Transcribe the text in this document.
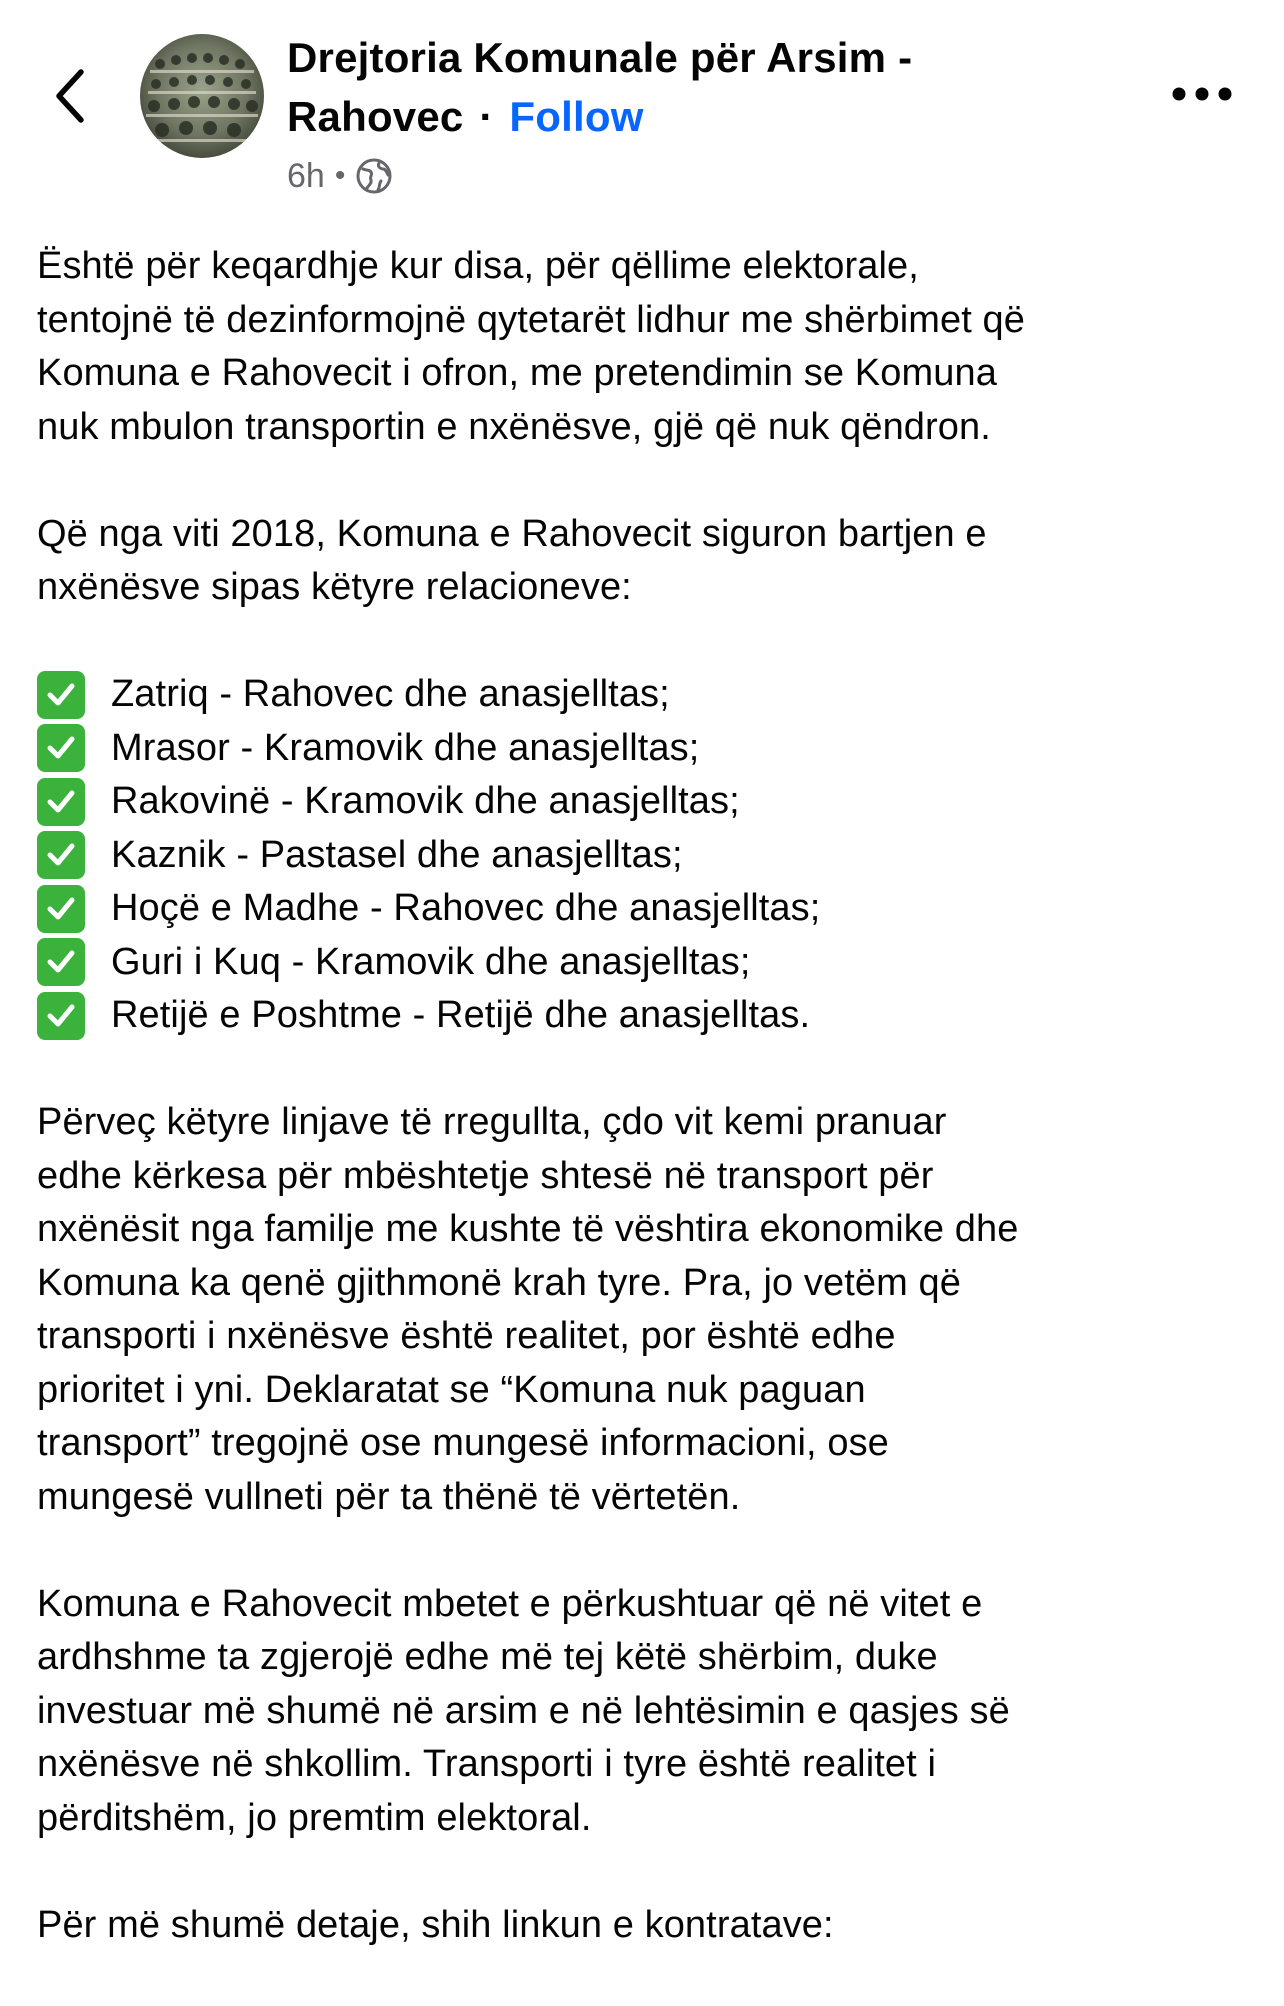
Drejtoria Komunale për Arsim -
Rahovec · Follow
6h •

Është për keqardhje kur disa, për qëllime elektorale,
tentojnë të dezinformojnë qytetarët lidhur me shërbimet që
Komuna e Rahovecit i ofron, me pretendimin se Komuna
nuk mbulon transportin e nxënësve, gjë që nuk qëndron.

Që nga viti 2018, Komuna e Rahovecit siguron bartjen e
nxënësve sipas këtyre relacioneve:

Zatriq - Rahovec dhe anasjelltas;
Mrasor - Kramovik dhe anasjelltas;
Rakovinë - Kramovik dhe anasjelltas;
Kaznik - Pastasel dhe anasjelltas;
Hoçë e Madhe - Rahovec dhe anasjelltas;
Guri i Kuq - Kramovik dhe anasjelltas;
Retijë e Poshtme - Retijë dhe anasjelltas.

Përveç këtyre linjave të rregullta, çdo vit kemi pranuar
edhe kërkesa për mbështetje shtesë në transport për
nxënësit nga familje me kushte të vështira ekonomike dhe
Komuna ka qenë gjithmonë krah tyre. Pra, jo vetëm që
transporti i nxënësve është realitet, por është edhe
prioritet i yni. Deklaratat se “Komuna nuk paguan
transport” tregojnë ose mungesë informacioni, ose
mungesë vullneti për ta thënë të vërtetën.

Komuna e Rahovecit mbetet e përkushtuar që në vitet e
ardhshme ta zgjerojë edhe më tej këtë shërbim, duke
investuar më shumë në arsim e në lehtësimin e qasjes së
nxënësve në shkollim. Transporti i tyre është realitet i
përditshëm, jo premtim elektoral.

Për më shumë detaje, shih linkun e kontratave:
